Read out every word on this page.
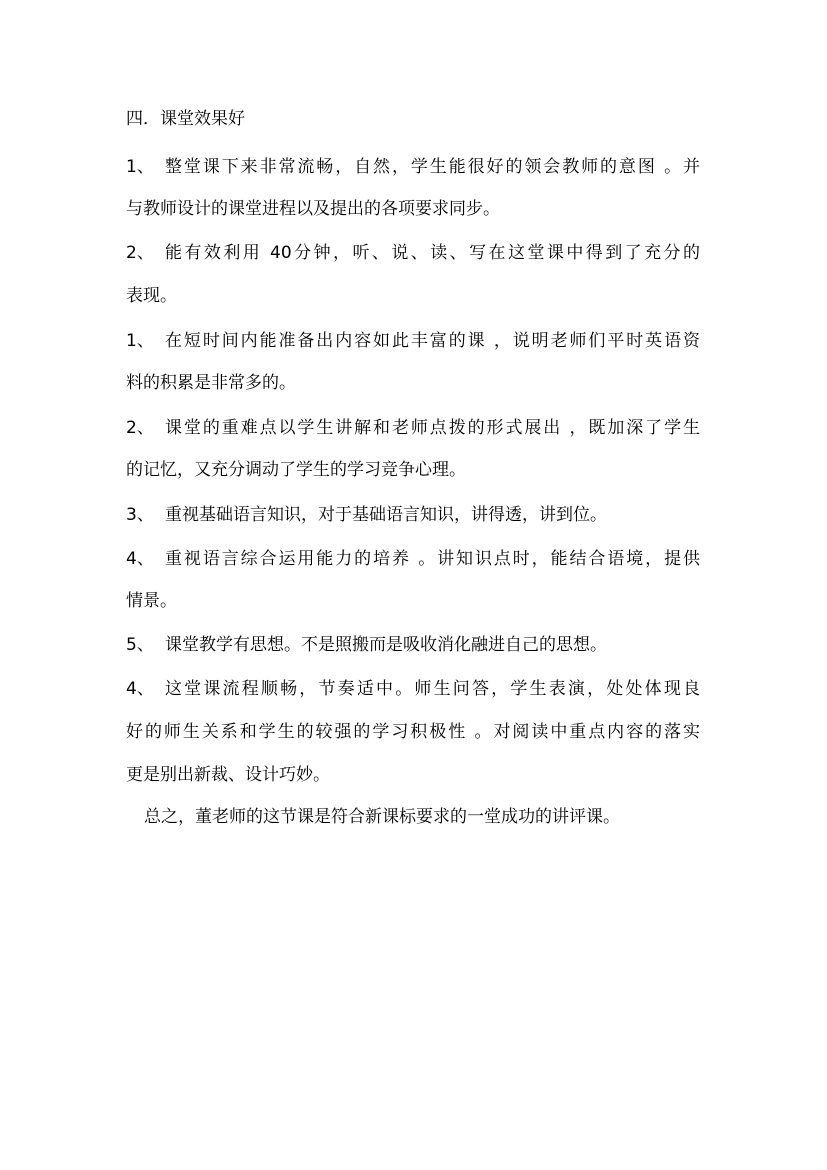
四．课堂效果好
1、 整堂课下来非常流畅，自然，学生能很好的领会教师的意图 。并
与教师设计的课堂进程以及提出的各项要求同步。
2、 能有效利用 40分钟，听、说、读、写在这堂课中得到了充分的
表现。
1、 在短时间内能准备出内容如此丰富的课 ，说明老师们平时英语资
料的积累是非常多的。
2、 课堂的重难点以学生讲解和老师点拨的形式展出 ，既加深了学生
的记忆，又充分调动了学生的学习竞争心理。
3、 重视基础语言知识，对于基础语言知识，讲得透，讲到位。
4、 重视语言综合运用能力的培养 。讲知识点时，能结合语境，提供
情景。
5、 课堂教学有思想。不是照搬而是吸收消化融进自己的思想。
4、 这堂课流程顺畅，节奏适中。师生问答，学生表演，处处体现良
好的师生关系和学生的较强的学习积极性 。对阅读中重点内容的落实
更是别出新裁、设计巧妙。
总之，董老师的这节课是符合新课标要求的一堂成功的讲评课。
